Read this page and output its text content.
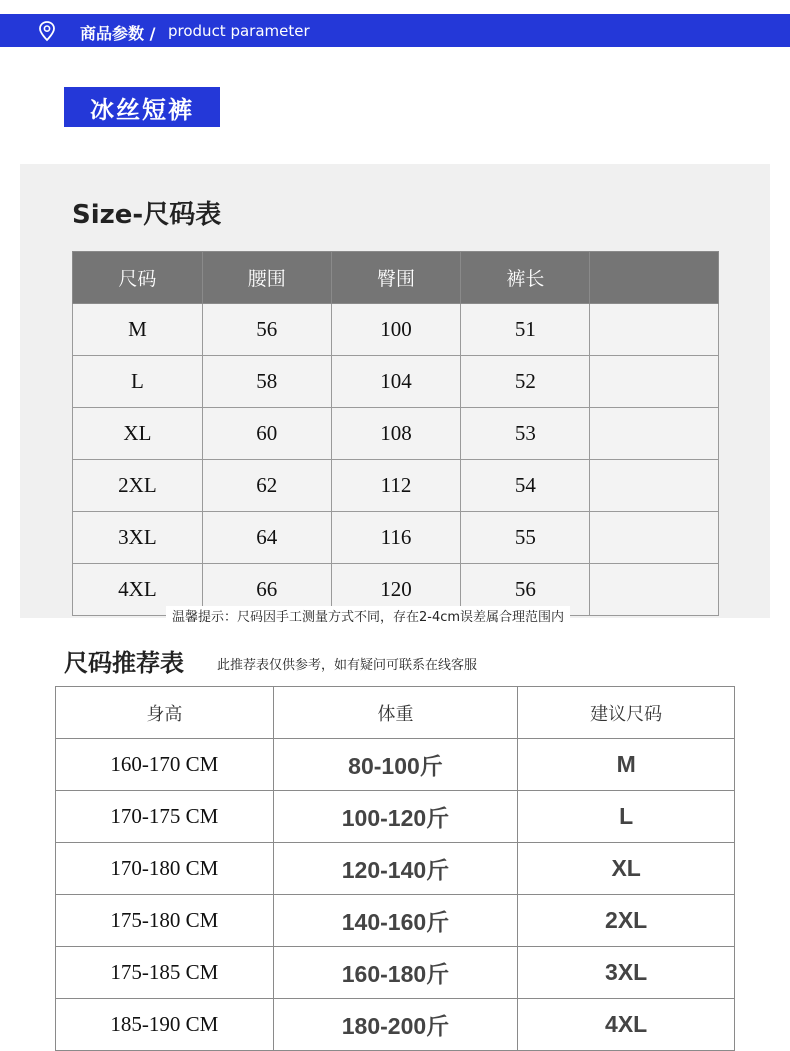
商品参数 / product parameter
冰丝短裤
Size-尺码表
尺码	腰围	臀围	裤长	
M	56	100	51	
L	58	104	52	
XL	60	108	53	
2XL	62	112	54	
3XL	64	116	55	
4XL	66	120	56	
温馨提示：尺码因手工测量方式不同，存在2-4cm误差属合理范围内
尺码推荐表	此推荐表仅供参考，如有疑问可联系在线客服
身高	体重	建议尺码
160-170 CM	80-100斤	M
170-175 CM	100-120斤	L
170-180 CM	120-140斤	XL
175-180 CM	140-160斤	2XL
175-185 CM	160-180斤	3XL
185-190 CM	180-200斤	4XL
